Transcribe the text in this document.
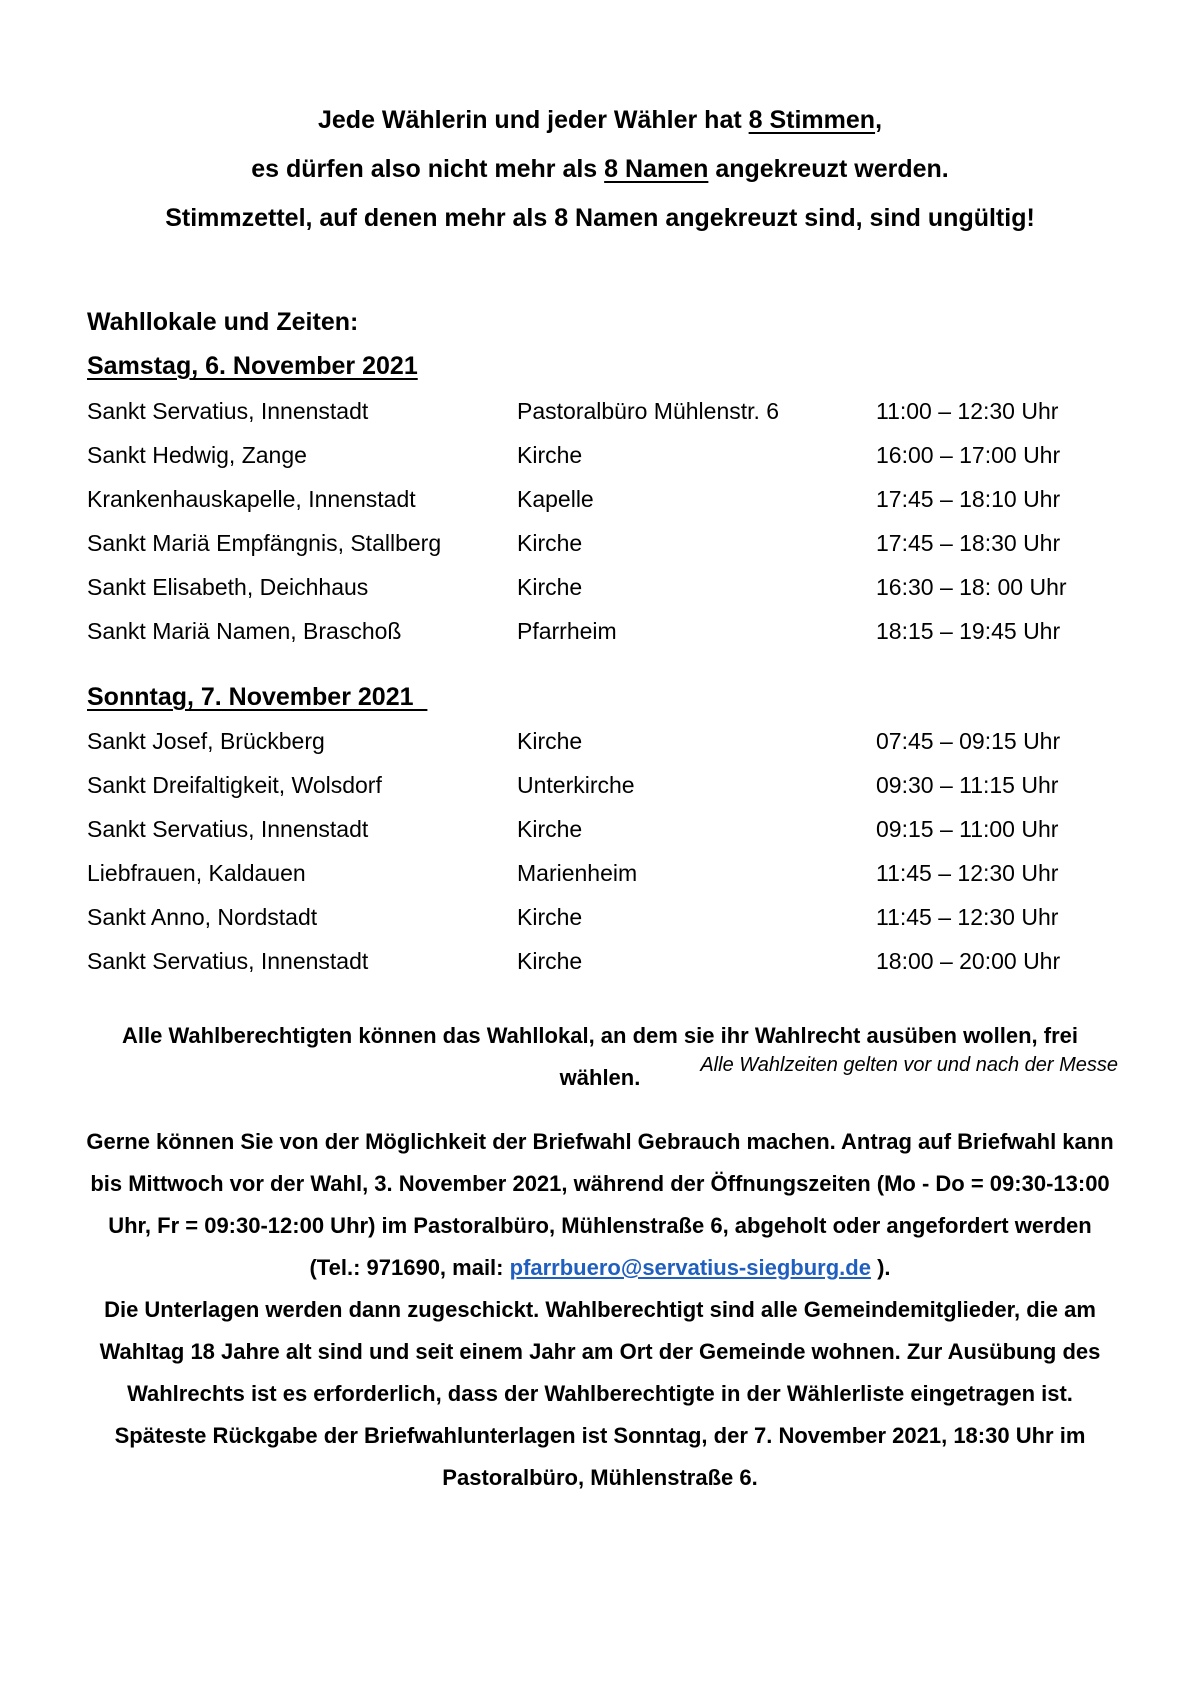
Jede Wählerin und jeder Wähler hat 8 Stimmen,
es dürfen also nicht mehr als 8 Namen angekreuzt werden.
Stimmzettel, auf denen mehr als 8 Namen angekreuzt sind, sind ungültig!
Wahllokale und Zeiten:
Samstag, 6. November 2021
Sankt Servatius, Innenstadt	Pastoralbüro Mühlenstr. 6	11:00 – 12:30 Uhr
Sankt Hedwig, Zange	Kirche	16:00 – 17:00 Uhr
Krankenhauskapelle, Innenstadt	Kapelle	17:45 – 18:10 Uhr
Sankt Mariä Empfängnis, Stallberg	Kirche	17:45 – 18:30 Uhr
Sankt Elisabeth, Deichhaus	Kirche	16:30 – 18: 00 Uhr
Sankt Mariä Namen, Braschoß	Pfarrheim	18:15 – 19:45 Uhr
Sonntag, 7. November 2021
Sankt Josef, Brückberg	Kirche	07:45 – 09:15 Uhr
Sankt Dreifaltigkeit, Wolsdorf	Unterkirche	09:30 – 11:15 Uhr
Sankt Servatius, Innenstadt	Kirche	09:15 – 11:00 Uhr
Liebfrauen, Kaldauen	Marienheim	11:45 – 12:30 Uhr
Sankt Anno, Nordstadt	Kirche	11:45 – 12:30 Uhr
Sankt Servatius, Innenstadt	Kirche	18:00 – 20:00 Uhr
Alle Wahlzeiten gelten vor und nach der Messe
Alle Wahlberechtigten können das Wahllokal, an dem sie ihr Wahlrecht ausüben wollen, frei wählen.
Gerne können Sie von der Möglichkeit der Briefwahl Gebrauch machen. Antrag auf Briefwahl kann bis Mittwoch vor der Wahl, 3. November 2021, während der Öffnungszeiten (Mo - Do = 09:30-13:00 Uhr, Fr = 09:30-12:00 Uhr) im Pastoralbüro, Mühlenstraße 6, abgeholt oder angefordert werden
(Tel.: 971690, mail: pfarrbuero@servatius-siegburg.de ).
Die Unterlagen werden dann zugeschickt. Wahlberechtigt sind alle Gemeindemitglieder, die am Wahltag 18 Jahre alt sind und seit einem Jahr am Ort der Gemeinde wohnen. Zur Ausübung des Wahlrechts ist es erforderlich, dass der Wahlberechtigte in der Wählerliste eingetragen ist.
Späteste Rückgabe der Briefwahlunterlagen ist Sonntag, der 7. November 2021, 18:30 Uhr im Pastoralbüro, Mühlenstraße 6.
